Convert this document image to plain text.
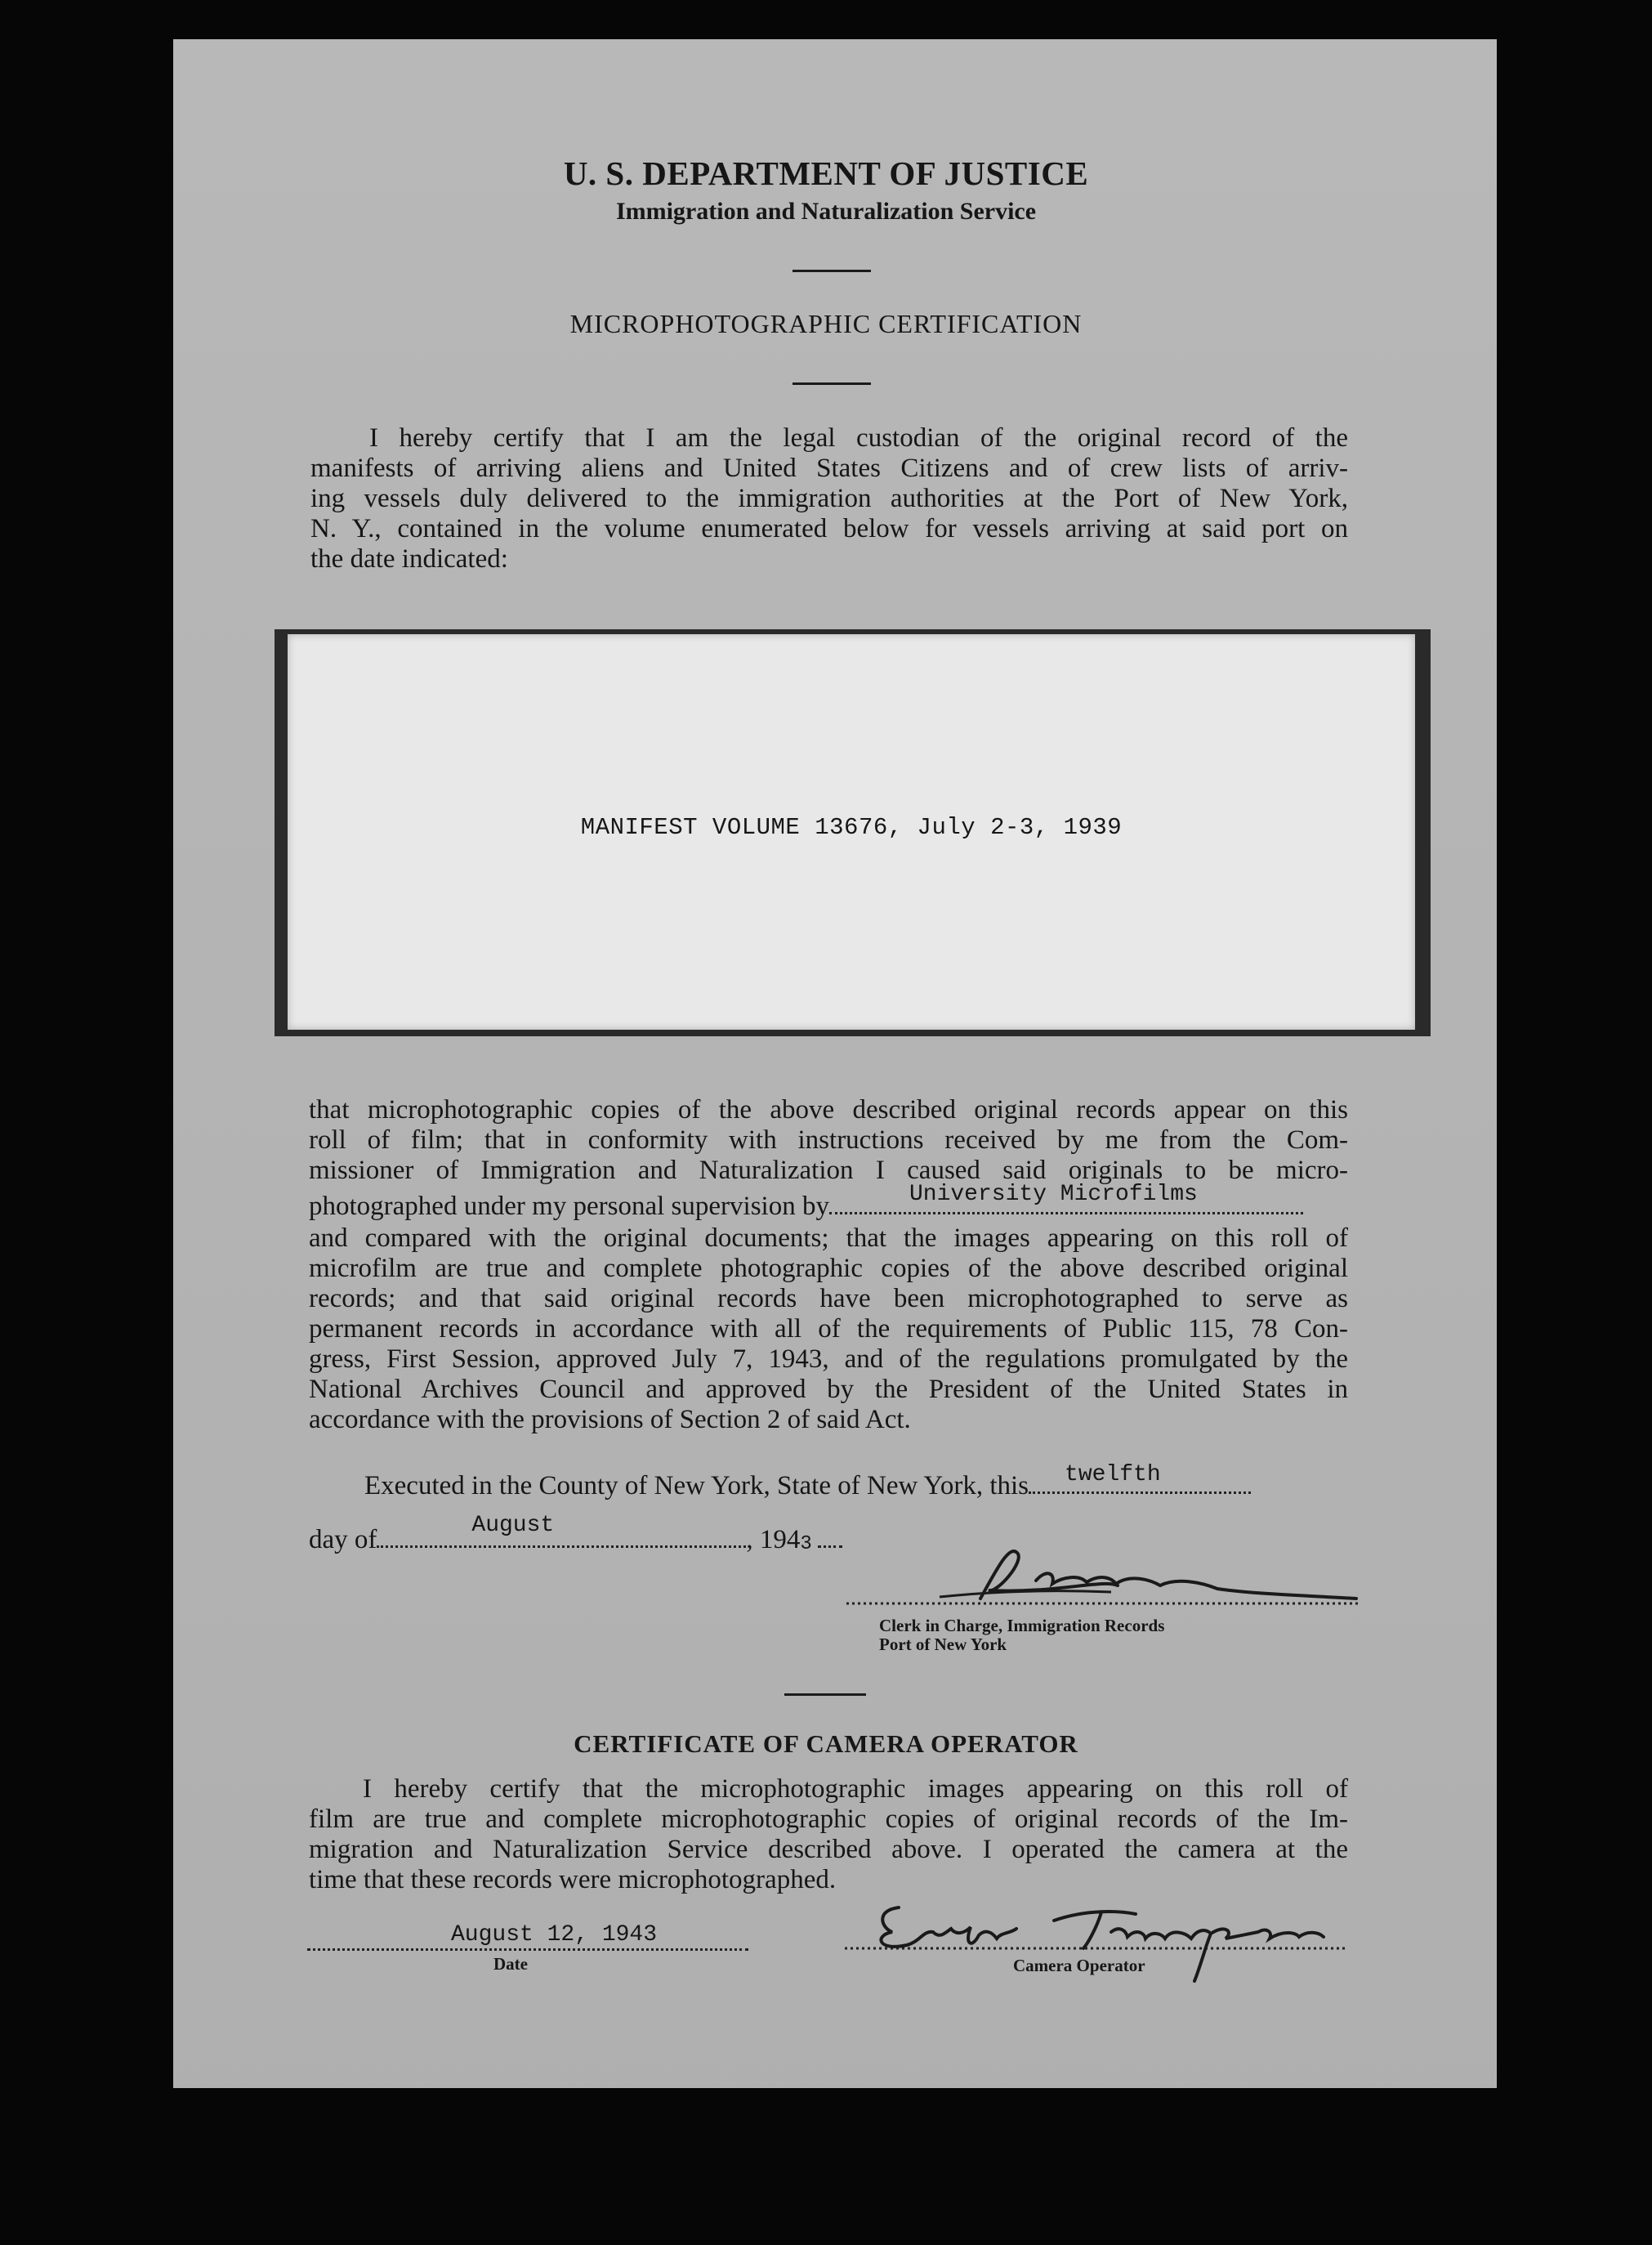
U. S. DEPARTMENT OF JUSTICE
Immigration and Naturalization Service
MICROPHOTOGRAPHIC CERTIFICATION
I hereby certify that I am the legal custodian of the original record of the
manifests of arriving aliens and United States Citizens and of crew lists of arriv-
ing vessels duly delivered to the immigration authorities at the Port of New York,
N. Y., contained in the volume enumerated below for vessels arriving at said port on
the date indicated:
MANIFEST VOLUME 13676, July 2-3, 1939
that microphotographic copies of the above described original records appear on this
roll of film; that in conformity with instructions received by me from the Com-
missioner of Immigration and Naturalization I caused said originals to be micro-
photographed under my personal supervision by	University Microfilms
and compared with the original documents; that the images appearing on this roll of
microfilm are true and complete photographic copies of the above described original
records; and that said original records have been microphotographed to serve as
permanent records in accordance with all of the requirements of Public 115, 78 Con-
gress, First Session, approved July 7, 1943, and of the regulations promulgated by the
National Archives Council and approved by the President of the United States in
accordance with the provisions of Section 2 of said Act.
Executed in the County of New York, State of New York, this twelfth
day of	August	, 194 3
Clerk in Charge, Immigration Records
Port of New York
CERTIFICATE OF CAMERA OPERATOR
I hereby certify that the microphotographic images appearing on this roll of
film are true and complete microphotographic copies of original records of the Im-
migration and Naturalization Service described above. I operated the camera at the
time that these records were microphotographed.
August 12, 1943
Date	Camera Operator
